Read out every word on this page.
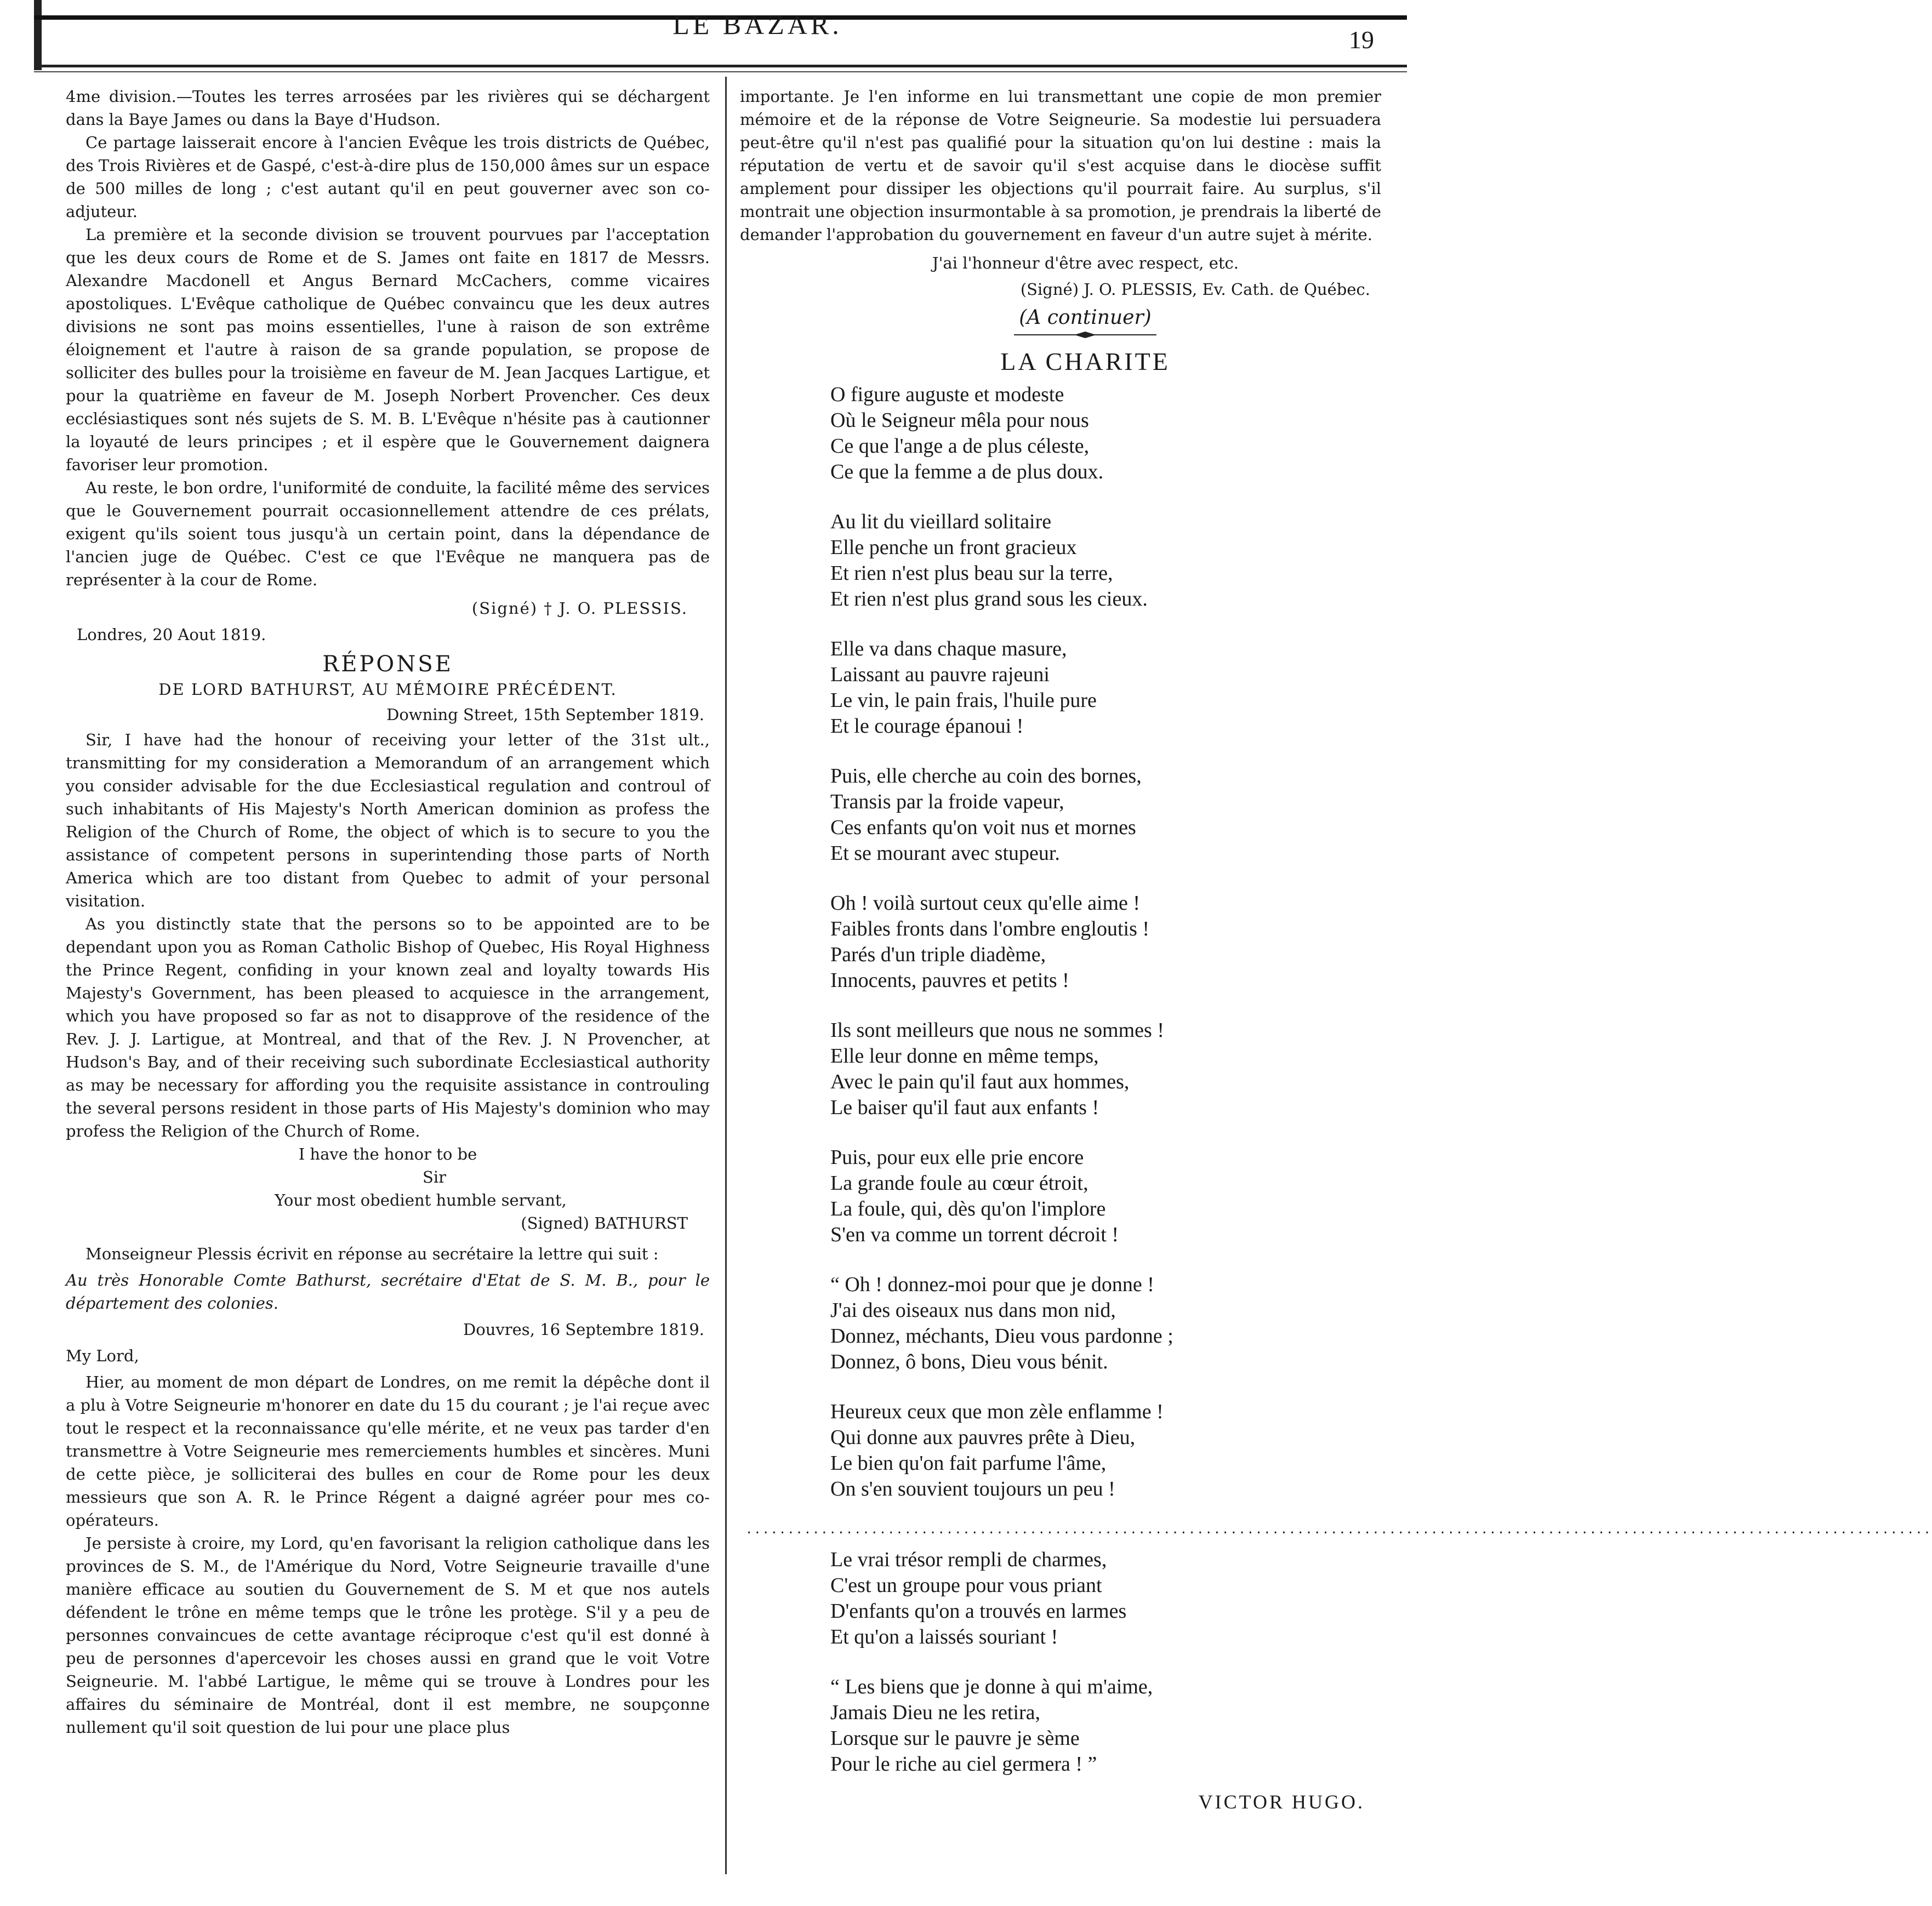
LE BAZAR.	19

4me division.—Toutes les terres arrosées par les rivières qui se déchargent dans la Baye James ou dans la Baye d'Hudson.

Ce partage laisserait encore à l'ancien Evêque les trois districts de Québec, des Trois Rivières et de Gaspé, c'est-à-dire plus de 150,000 âmes sur un espace de 500 milles de long ; c'est autant qu'il en peut gouverner avec son co-adjuteur.

La première et la seconde division se trouvent pourvues par l'acceptation que les deux cours de Rome et de S. James ont faite en 1817 de Messrs. Alexandre Macdonell et Angus Bernard McCachers, comme vicaires apostoliques. L'Evêque catholique de Québec convaincu que les deux autres divisions ne sont pas moins essentielles, l'une à raison de son extrême éloignement et l'autre à raison de sa grande population, se propose de solliciter des bulles pour la troisième en faveur de M. Jean Jacques Lartigue, et pour la quatrième en faveur de M. Joseph Norbert Provencher. Ces deux ecclésiastiques sont nés sujets de S. M. B. L'Evêque n'hésite pas à cautionner la loyauté de leurs principes ; et il espère que le Gouvernement daignera favoriser leur promotion.

Au reste, le bon ordre, l'uniformité de conduite, la facilité même des services que le Gouvernement pourrait occasionnellement attendre de ces prélats, exigent qu'ils soient tous jusqu'à un certain point, dans la dépendance de l'ancien juge de Québec. C'est ce que l'Evêque ne manquera pas de représenter à la cour de Rome.

(Signé) † J. O. PLESSIS.
Londres, 20 Aout 1819.
RÉPONSE
DE LORD BATHURST, AU MÉMOIRE PRÉCÉDENT.
Downing Street, 15th September 1819.

Sir, I have had the honour of receiving your letter of the 31st ult., transmitting for my consideration a Memorandum of an arrangement which you consider advisable for the due Ecclesiastical regulation and controul of such inhabitants of His Majesty's North American dominion as profess the Religion of the Church of Rome, the object of which is to secure to you the assistance of competent persons in superintending those parts of North America which are too distant from Quebec to admit of your personal visitation.

As you distinctly state that the persons so to be appointed are to be dependant upon you as Roman Catholic Bishop of Quebec, His Royal Highness the Prince Regent, confiding in your known zeal and loyalty towards His Majesty's Government, has been pleased to acquiesce in the arrangement, which you have proposed so far as not to disapprove of the residence of the Rev. J. J. Lartigue, at Montreal, and that of the Rev. J. N Provencher, at Hudson's Bay, and of their receiving such subordinate Ecclesiastical authority as may be necessary for affording you the requisite assistance in controuling the several persons resident in those parts of His Majesty's dominion who may profess the Religion of the Church of Rome.

I have the honor to be
Sir
Your most obedient humble servant,
(Signed) BATHURST

Monseigneur Plessis écrivit en réponse au secrétaire la lettre qui suit :

Au très Honorable Comte Bathurst, secrétaire d'Etat de S. M. B., pour le département des colonies.
Douvres, 16 Septembre 1819.
My Lord,

Hier, au moment de mon départ de Londres, on me remit la dépêche dont il a plu à Votre Seigneurie m'honorer en date du 15 du courant ; je l'ai reçue avec tout le respect et la reconnaissance qu'elle mérite, et ne veux pas tarder d'en transmettre à Votre Seigneurie mes remerciements humbles et sincères. Muni de cette pièce, je solliciterai des bulles en cour de Rome pour les deux messieurs que son A. R. le Prince Régent a daigné agréer pour mes co-opérateurs.

Je persiste à croire, my Lord, qu'en favorisant la religion catholique dans les provinces de S. M., de l'Amérique du Nord, Votre Seigneurie travaille d'une manière efficace au soutien du Gouvernement de S. M et que nos autels défendent le trône en même temps que le trône les protège. S'il y a peu de personnes convaincues de cette avantage réciproque c'est qu'il est donné à peu de personnes d'apercevoir les choses aussi en grand que le voit Votre Seigneurie. M. l'abbé Lartigue, le même qui se trouve à Londres pour les affaires du séminaire de Montréal, dont il est membre, ne soupçonne nullement qu'il soit question de lui pour une place plus

importante. Je l'en informe en lui transmettant une copie de mon premier mémoire et de la réponse de Votre Seigneurie. Sa modestie lui persuadera peut-être qu'il n'est pas qualifié pour la situation qu'on lui destine : mais la réputation de vertu et de savoir qu'il s'est acquise dans le diocèse suffit amplement pour dissiper les objections qu'il pourrait faire. Au surplus, s'il montrait une objection insurmontable à sa promotion, je prendrais la liberté de demander l'approbation du gouvernement en faveur d'un autre sujet à mérite.

J'ai l'honneur d'être avec respect, etc.
(Signé) J. O. PLESSIS, Ev. Cath. de Québec.
(A continuer)
LA CHARITE
O figure auguste et modeste
Où le Seigneur mêla pour nous
Ce que l'ange a de plus céleste,
Ce que la femme a de plus doux.
Au lit du vieillard solitaire
Elle penche un front gracieux
Et rien n'est plus beau sur la terre,
Et rien n'est plus grand sous les cieux.
Elle va dans chaque masure,
Laissant au pauvre rajeuni
Le vin, le pain frais, l'huile pure
Et le courage épanoui !
Puis, elle cherche au coin des bornes,
Transis par la froide vapeur,
Ces enfants qu'on voit nus et mornes
Et se mourant avec stupeur.
Oh ! voilà surtout ceux qu'elle aime !
Faibles fronts dans l'ombre engloutis !
Parés d'un triple diadème,
Innocents, pauvres et petits !
Ils sont meilleurs que nous ne sommes !
Elle leur donne en même temps,
Avec le pain qu'il faut aux hommes,
Le baiser qu'il faut aux enfants !
Puis, pour eux elle prie encore
La grande foule au cœur étroit,
La foule, qui, dès qu'on l'implore
S'en va comme un torrent décroit !
“ Oh ! donnez-moi pour que je donne !
J'ai des oiseaux nus dans mon nid,
Donnez, méchants, Dieu vous pardonne ;
Donnez, ô bons, Dieu vous bénit.
Heureux ceux que mon zèle enflamme !
Qui donne aux pauvres prête à Dieu,
Le bien qu'on fait parfume l'âme,
On s'en souvient toujours un peu !
..............................................................................................................................................
Le vrai trésor rempli de charmes,
C'est un groupe pour vous priant
D'enfants qu'on a trouvés en larmes
Et qu'on a laissés souriant !
“ Les biens que je donne à qui m'aime,
Jamais Dieu ne les retira,
Lorsque sur le pauvre je sème
Pour le riche au ciel germera ! ”
VICTOR HUGO.
